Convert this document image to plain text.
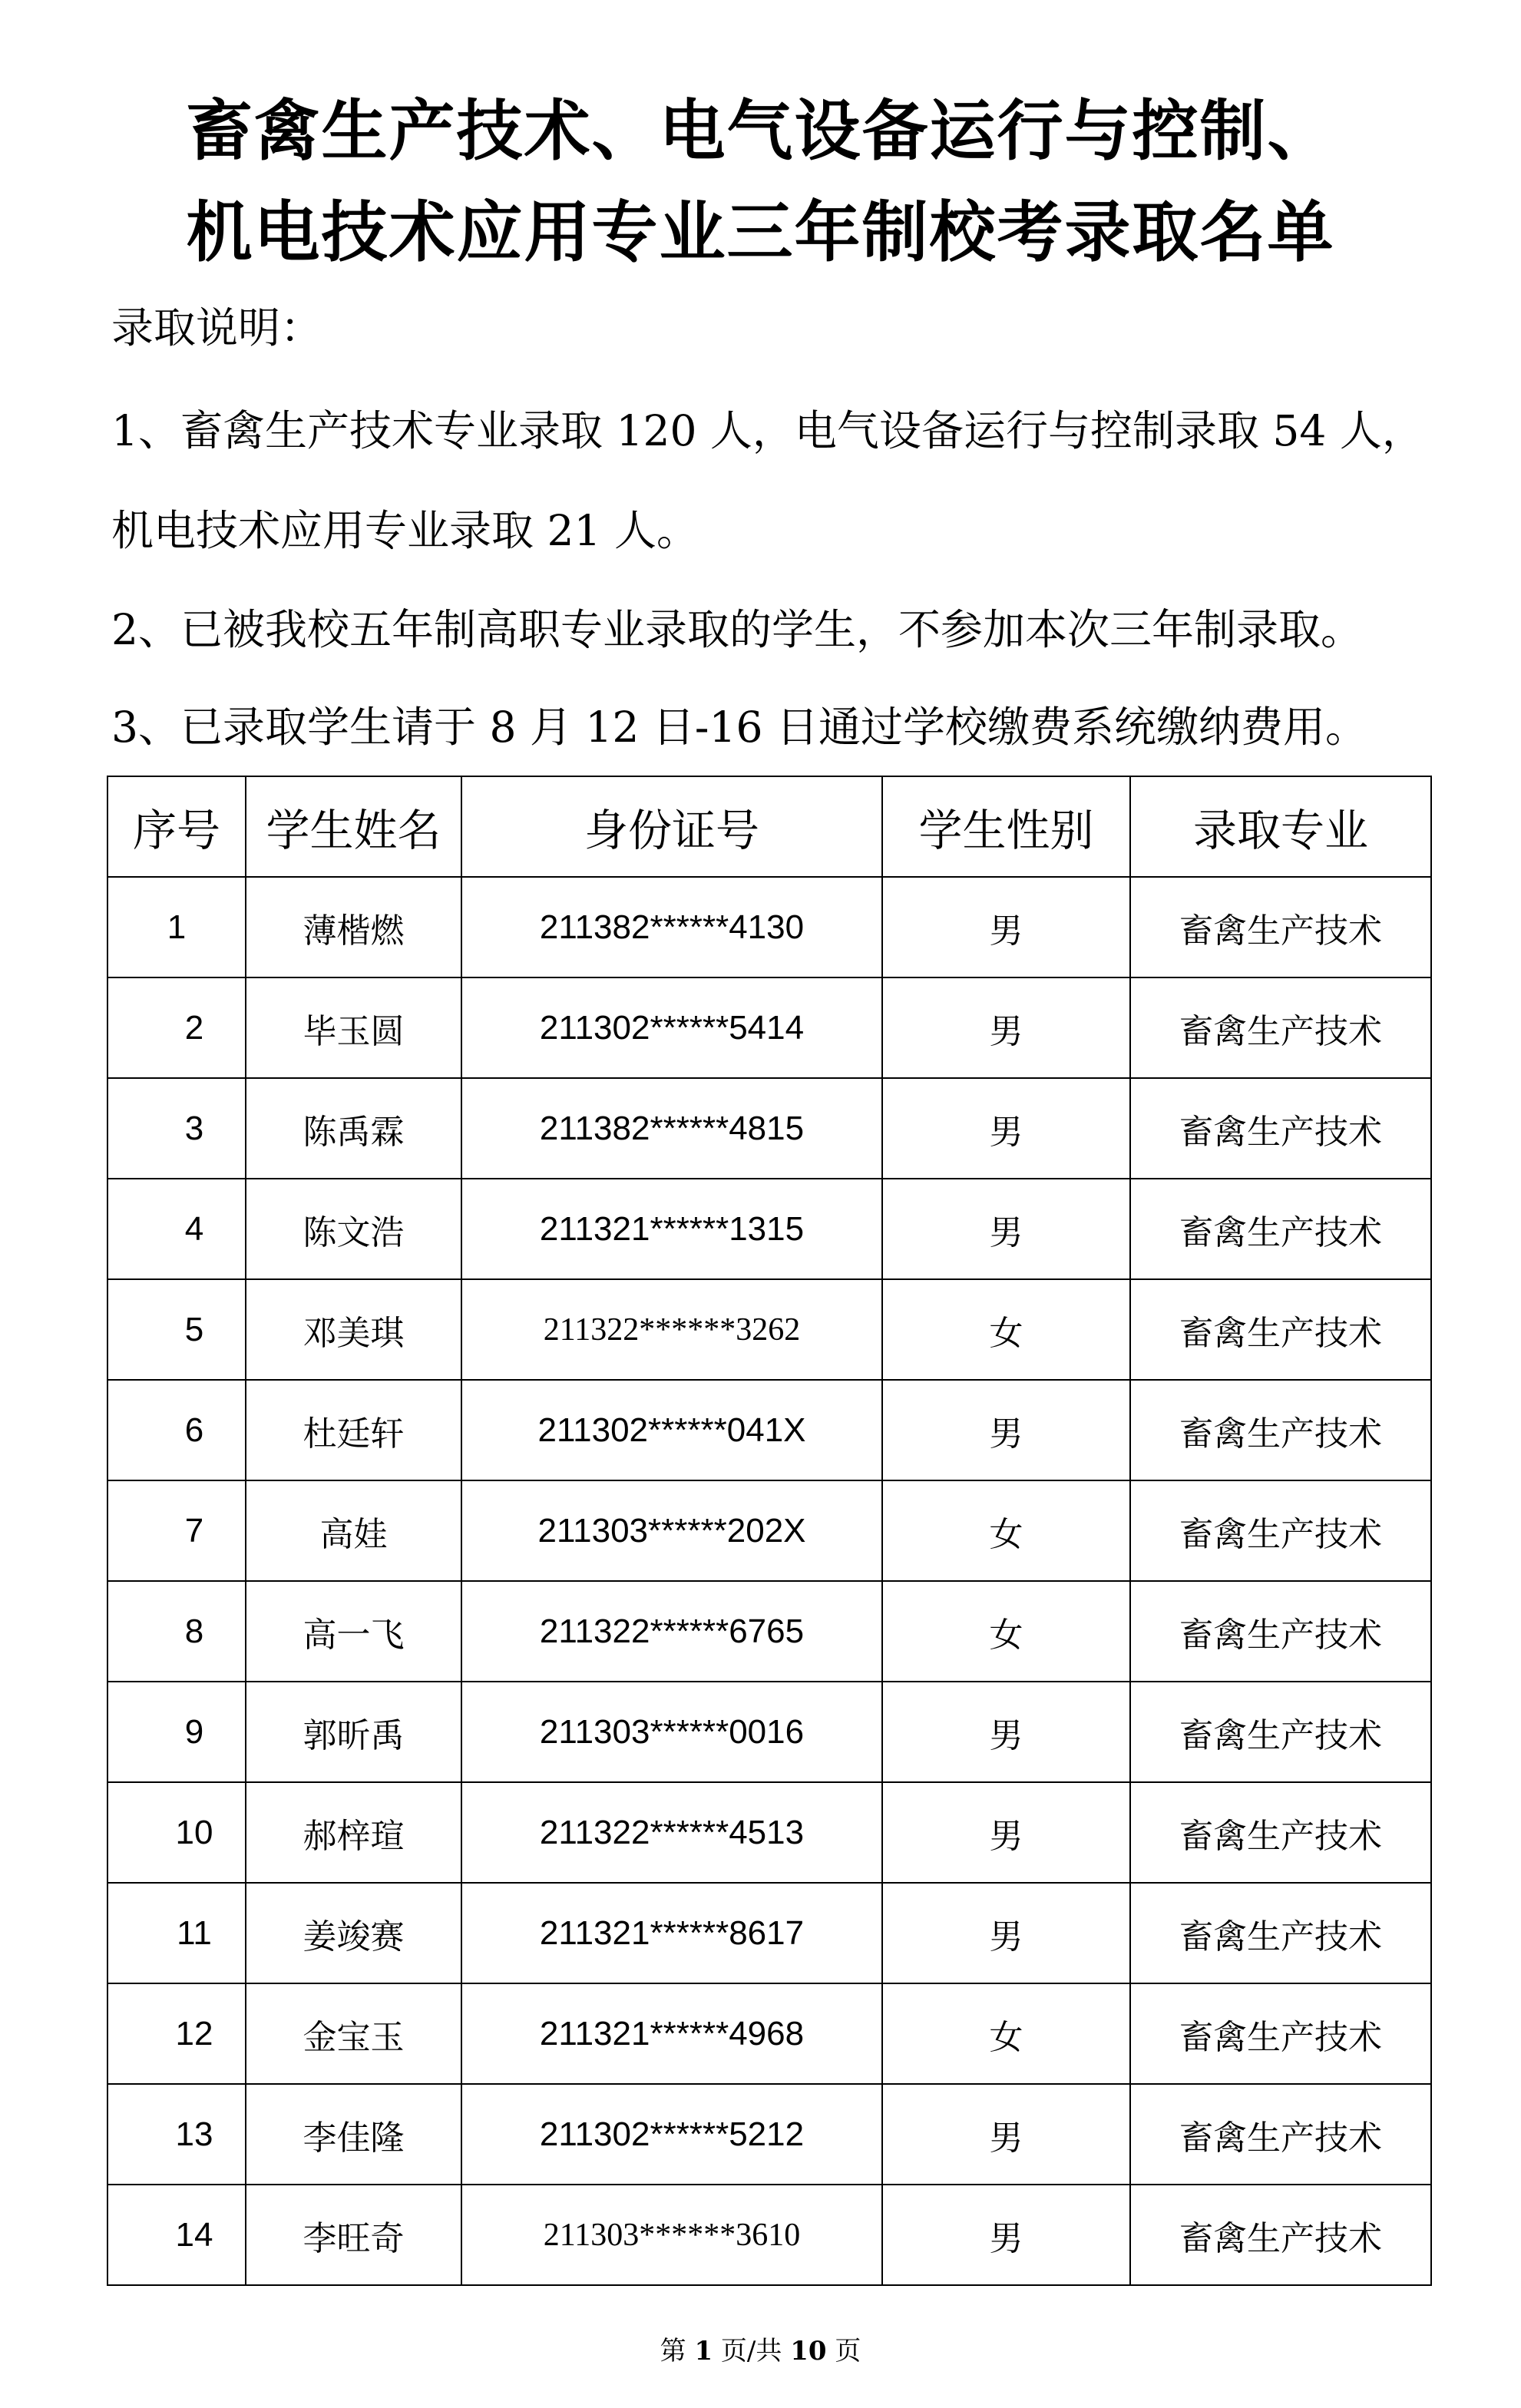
畜禽生产技术、电气设备运行与控制、
机电技术应用专业三年制校考录取名单
录取说明：
1、畜禽生产技术专业录取 120 人，电气设备运行与控制录取 54 人，
机电技术应用专业录取 21 人。
2、已被我校五年制高职专业录取的学生，不参加本次三年制录取。
3、已录取学生请于 8 月 12 日-16 日通过学校缴费系统缴纳费用。
序号	学生姓名	身份证号	学生性别	录取专业
1	薄楷燃	211382******4130	男	畜禽生产技术
2	毕玉圆	211302******5414	男	畜禽生产技术
3	陈禹霖	211382******4815	男	畜禽生产技术
4	陈文浩	211321******1315	男	畜禽生产技术
5	邓美琪	211322******3262	女	畜禽生产技术
6	杜廷轩	211302******041X	男	畜禽生产技术
7	高娃	211303******202X	女	畜禽生产技术
8	高一飞	211322******6765	女	畜禽生产技术
9	郭昕禹	211303******0016	男	畜禽生产技术
10	郝梓瑄	211322******4513	男	畜禽生产技术
11	姜竣赛	211321******8617	男	畜禽生产技术
12	金宝玉	211321******4968	女	畜禽生产技术
13	李佳隆	211302******5212	男	畜禽生产技术
14	李旺奇	211303******3610	男	畜禽生产技术
第 1 页/共 10 页
